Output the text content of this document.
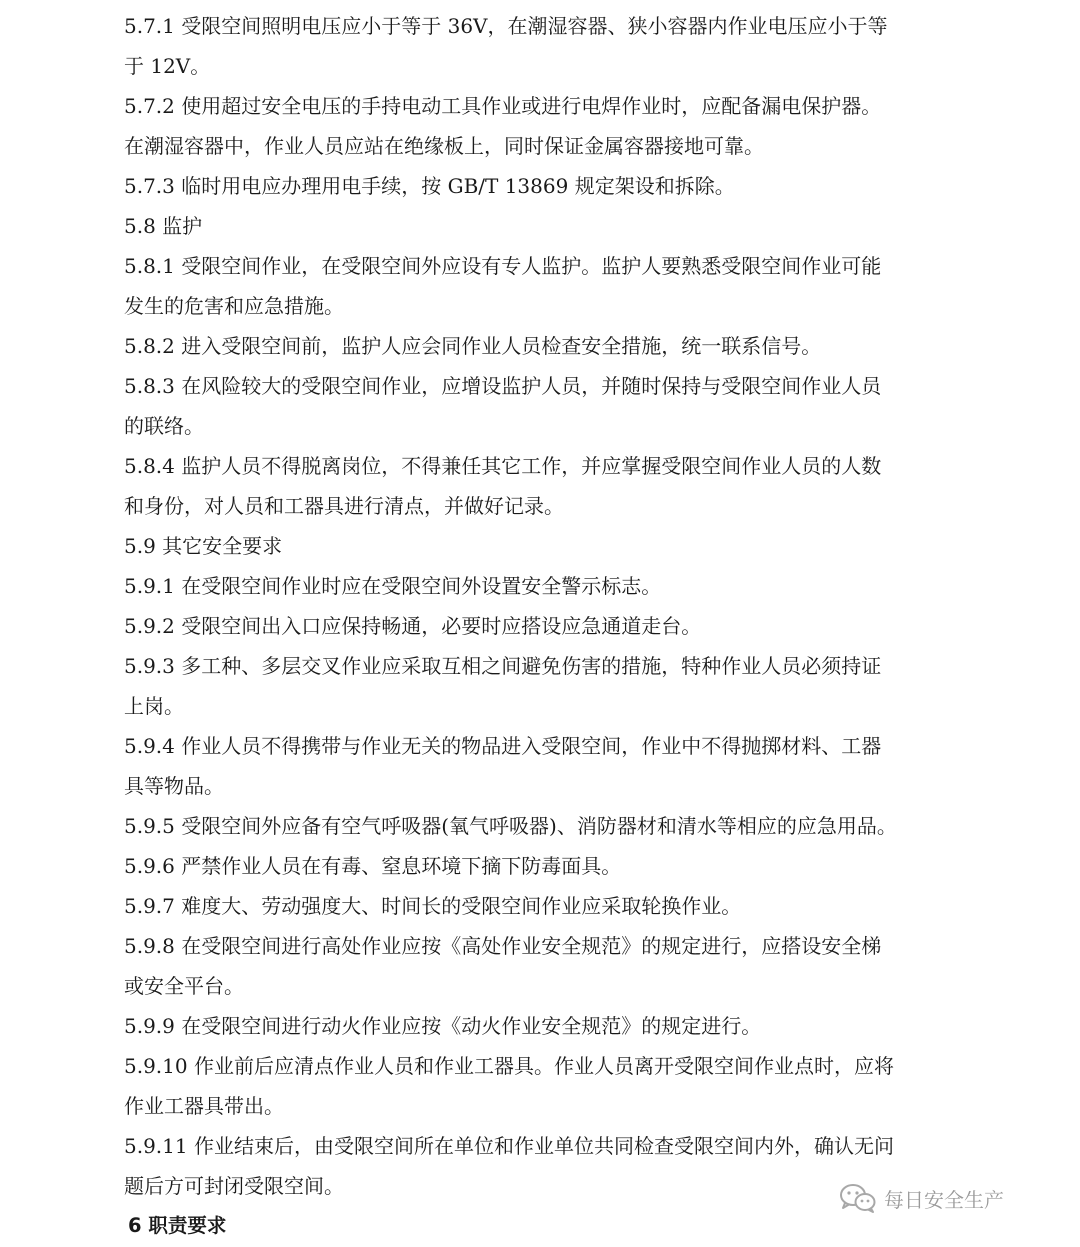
5.7.1 受限空间照明电压应小于等于 36V，在潮湿容器、狭小容器内作业电压应小于等
于 12V。
5.7.2 使用超过安全电压的手持电动工具作业或进行电焊作业时，应配备漏电保护器。
在潮湿容器中，作业人员应站在绝缘板上，同时保证金属容器接地可靠。
5.7.3 临时用电应办理用电手续，按 GB/T 13869 规定架设和拆除。
5.8 监护
5.8.1 受限空间作业，在受限空间外应设有专人监护。监护人要熟悉受限空间作业可能
发生的危害和应急措施。
5.8.2 进入受限空间前，监护人应会同作业人员检查安全措施，统一联系信号。
5.8.3 在风险较大的受限空间作业，应增设监护人员，并随时保持与受限空间作业人员
的联络。
5.8.4 监护人员不得脱离岗位，不得兼任其它工作，并应掌握受限空间作业人员的人数
和身份，对人员和工器具进行清点，并做好记录。
5.9 其它安全要求
5.9.1 在受限空间作业时应在受限空间外设置安全警示标志。
5.9.2 受限空间出入口应保持畅通，必要时应搭设应急通道走台。
5.9.3 多工种、多层交叉作业应采取互相之间避免伤害的措施，特种作业人员必须持证
上岗。
5.9.4 作业人员不得携带与作业无关的物品进入受限空间，作业中不得抛掷材料、工器
具等物品。
5.9.5 受限空间外应备有空气呼吸器(氧气呼吸器)、消防器材和清水等相应的应急用品。
5.9.6 严禁作业人员在有毒、窒息环境下摘下防毒面具。
5.9.7 难度大、劳动强度大、时间长的受限空间作业应采取轮换作业。
5.9.8 在受限空间进行高处作业应按《高处作业安全规范》的规定进行，应搭设安全梯
或安全平台。
5.9.9 在受限空间进行动火作业应按《动火作业安全规范》的规定进行。
5.9.10 作业前后应清点作业人员和作业工器具。作业人员离开受限空间作业点时，应将
作业工器具带出。
5.9.11 作业结束后，由受限空间所在单位和作业单位共同检查受限空间内外，确认无问
题后方可封闭受限空间。
6 职责要求
每日安全生产
